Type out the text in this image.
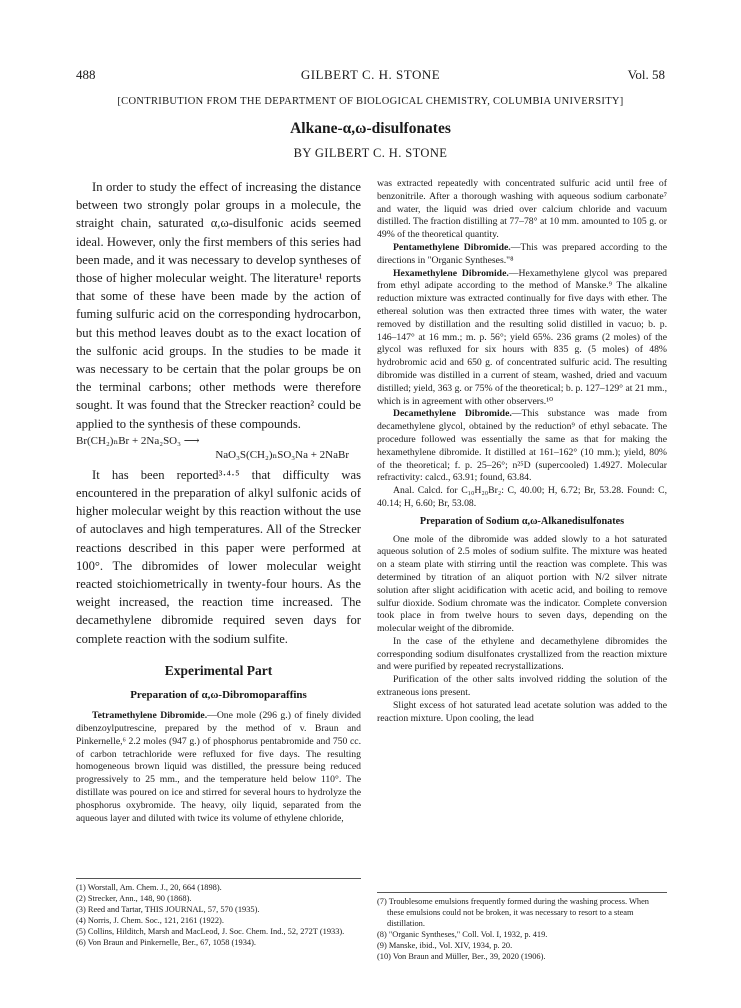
488	GILBERT C. H. STONE	Vol. 58
[CONTRIBUTION FROM THE DEPARTMENT OF BIOLOGICAL CHEMISTRY, COLUMBIA UNIVERSITY]
Alkane-α,ω-disulfonates
BY GILBERT C. H. STONE

In order to study the effect of increasing the distance between two strongly polar groups in a molecule, the straight chain, saturated α,ω-disulfonic acids seemed ideal. However, only the first members of this series had been made, and it was necessary to develop syntheses of those of higher molecular weight. The literature¹ reports that some of these have been made by the action of fuming sulfuric acid on the corresponding hydrocarbon, but this method leaves doubt as to the exact location of the sulfonic acid groups. In the studies to be made it was necessary to be certain that the polar groups be on the terminal carbons; other methods were therefore sought. It was found that the Strecker reaction² could be applied to the synthesis of these compounds.

Br(CH₂)ₙBr + 2Na₂SO₃ ⟶

NaO₃S(CH₂)ₙSO₃Na + 2NaBr

It has been reported³·⁴·⁵ that difficulty was encountered in the preparation of alkyl sulfonic acids of higher molecular weight by this reaction without the use of autoclaves and high temperatures. All of the Strecker reactions described in this paper were performed at 100°. The dibromides of lower molecular weight reacted stoichiometrically in twenty-four hours. As the weight increased, the reaction time increased. The decamethylene dibromide required seven days for complete reaction with the sodium sulfite.

Experimental Part
Preparation of α,ω-Dibromoparaffins

Tetramethylene Dibromide.—One mole (296 g.) of finely divided dibenzoylputrescine, prepared by the method of v. Braun and Pinkernelle,⁶ 2.2 moles (947 g.) of phosphorus pentabromide and 750 cc. of carbon tetrachloride were refluxed for five days. The resulting homogeneous brown liquid was distilled, the pressure being reduced progressively to 25 mm., and the temperature held below 110°. The distillate was poured on ice and stirred for several hours to hydrolyze the phosphorus oxybromide. The heavy, oily liquid, separated from the aqueous layer and diluted with twice its volume of ethylene chloride,

was extracted repeatedly with concentrated sulfuric acid until free of benzonitrile. After a thorough washing with aqueous sodium carbonate⁷ and water, the liquid was dried over calcium chloride and vacuum distilled. The fraction distilling at 77–78° at 10 mm. amounted to 105 g. or 49% of the theoretical quantity.

Pentamethylene Dibromide.—This was prepared according to the directions in "Organic Syntheses."⁸

Hexamethylene Dibromide.—Hexamethylene glycol was prepared from ethyl adipate according to the method of Manske.⁹ The alkaline reduction mixture was extracted continually for five days with ether. The ethereal solution was then extracted three times with water, the water removed by distillation and the resulting solid distilled in vacuo; b. p. 146–147° at 16 mm.; m. p. 56°; yield 65%. 236 grams (2 moles) of the glycol was refluxed for six hours with 835 g. (5 moles) of 48% hydrobromic acid and 650 g. of concentrated sulfuric acid. The resulting dibromide was distilled in a current of steam, washed, dried and vacuum distilled; yield, 363 g. or 75% of the theoretical; b. p. 127–129° at 21 mm., which is in agreement with other observers.¹⁰

Decamethylene Dibromide.—This substance was made from decamethylene glycol, obtained by the reduction⁹ of ethyl sebacate. The procedure followed was essentially the same as that for making the hexamethylene dibromide. It distilled at 161–162° (10 mm.); yield, 80% of the theoretical; f. p. 25–26°; n²⁵D (supercooled) 1.4927. Molecular refractivity: calcd., 63.91; found, 63.84.

Anal. Calcd. for C₁₀H₂₀Br₂: C, 40.00; H, 6.72; Br, 53.28. Found: C, 40.14; H, 6.60; Br, 53.08.

Preparation of Sodium α,ω-Alkanedisulfonates

One mole of the dibromide was added slowly to a hot saturated aqueous solution of 2.5 moles of sodium sulfite. The mixture was heated on a steam plate with stirring until the reaction was complete. This was determined by titration of an aliquot portion with N/2 silver nitrate solution after slight acidification with acetic acid, and boiling to remove sulfur dioxide. Sodium chromate was the indicator. Complete conversion took place in from twelve hours to seven days, depending on the molecular weight of the dibromide.

In the case of the ethylene and decamethylene dibromides the corresponding sodium disulfonates crystallized from the reaction mixture and were purified by repeated recrystallizations.

Purification of the other salts involved ridding the solution of the extraneous ions present.

Slight excess of hot saturated lead acetate solution was added to the reaction mixture. Upon cooling, the lead

(1) Worstall, Am. Chem. J., 20, 664 (1898).

(2) Strecker, Ann., 148, 90 (1868).

(3) Reed and Tartar, THIS JOURNAL, 57, 570 (1935).

(4) Norris, J. Chem. Soc., 121, 2161 (1922).

(5) Collins, Hilditch, Marsh and MacLeod, J. Soc. Chem. Ind., 52, 272T (1933).

(6) Von Braun and Pinkernelle, Ber., 67, 1058 (1934).

(7) Troublesome emulsions frequently formed during the washing process. When these emulsions could not be broken, it was necessary to resort to a steam distillation.

(8) "Organic Syntheses," Coll. Vol. I, 1932, p. 419.

(9) Manske, ibid., Vol. XIV, 1934, p. 20.

(10) Von Braun and Müller, Ber., 39, 2020 (1906).
